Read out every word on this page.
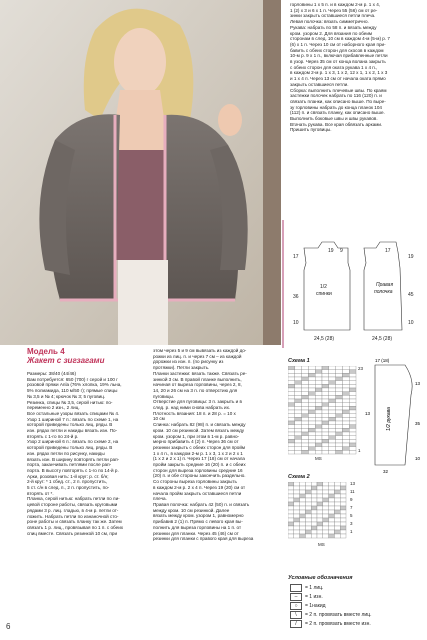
горловины 1 х 5 п. и в каждом 2-м р. 1 х 4,
1 (2) х 3 и 6 х 1 п. Через 55 (56) см от ре-
зинки закрыть оставшиеся петли плеча.
Левая полочка: вязать симметрично.
Рукава: набрать по 58 п. и вязать между
кром. узором 2. Для вязания по обеим
сторонам в след. 10 см в каждом 4-м (5-м) р. 7
(6) х 1 п. Через 10 см от наборного края при-
бавить с обеих сторон для скосов в каждом
10-м р. 9 х 1 п., включая прибавленные петли
в узор. Через 35 см от конца волана закрыть
с обеих сторон для оката рукава 1 х 4 п.,
в каждом 2-м р. 1 х 3, 1 х 2, 12 х 1, 1 х 2, 1 х 3
и 1 х 4 п. Через 13 см от начала оката прямо
закрыть оставшиеся петли.
Сборка: выполнить плечевые швы. По краям
застежки полочек набрать по 116 (120) п. и
связать планки, как описано выше. По выре-
зу горловины набрать до конца планок 104
(112) п. и связать планку, как описано выше.
Выполнить боковые швы и швы рукавов.
Втачать рукава. Все края обвязать арками.
Пришить пуговицы.
1/2
спинки
Правая
полочка
24,5 (28)	24,5 (28)
36
10
17
19 9	17
45
10
19
Модель 4
Жакет с зигзагами
Размеры: 38/40 (44/46)
Вам потребуется: 650 (700) г серой и 100 г
розовой пряжи Anla (76% хлопка, 19% льна,
5% полиамида, 110 м/50 г); прямые спицы
№ 3,5 и № 4; крючок № 3; 5 пуговиц.
Резинка, спицы № 3,5, серой нитью: по-
переменно 2 изн., 2 лиц.
Все остальные узоры вязать спицами № 4.
Узор 1 шириной 7 п.: вязать по схеме 1, на
которой приведены только лиц. ряды. В
изн. рядах петли и накиды вязать изн. По-
вторять с 1-го по 24-й р.
Узор 2 шириной 6 п.: вязать по схеме 2, на
которой приведены только лиц. ряды. В
изн. рядах петли по рисунку, накиды
вязать изн. В ширину повторять петли рап-
порта, заканчивать петлями после рап-
порта. В высоту повторять с 1-го по 14-й р.
Арки, розовая нить: 1-й круг: р. ст. б/н;
2-й круг: * 1 сбед. ст., 2 п. пропустить,
5 ст. с/н в след. п., 2 п. пропустить, по-
вторять от *.
Планка, серой нитью: набрать петли по ли-
цевой стороне работы, связать круговыми
рядами 3 р. лиц. гладью, в 4-м р. петли от-
ложить. Набрать петли по изнаночной сто-
роне работы и связать планку так же. Затем
связать 1 р. лиц., провязывая по 1 п. с обеих
спиц вместе. Связать резинкой 10 см, при
этом через 5 и 9 см вывязать из каждой до-
рожки из лиц. п. и через 7 см – из каждой
дорожки из изн. п. (по рисунку из
протяжки). Петли закрыть.
Планки застежки: вязать также. Связать ре-
зинкой 3 см. В правой планке выполнить,
начиная от выреза горловины, через 2, 8,
14, 20 и 26 см на 3 п. по отверстию для
пуговицы.
Отверстие для пуговицы: 3 п. закрыть и в
след. р. над ними снова набрать их.
Плотность вязания: 18 п. и 28 р. = 10 х
10 см
Спинка: набрать 82 (98) п. и связать между
кром. 10 см резинкой. Затем вязать между
кром. узором 1, при этом в 1-м р. равно-
мерно прибавить 4 (2) п. Через 36 см от
резинки закрыть с обеих сторон для пройм
1 х 4 п., в каждом 2-м р. 1 х 3, 1 х 2 и 2 х 1
(1 х 2 и 2 х 1) п. Через 17 (18) см от начала
пройм закрыть средние 16 (20) п. и с обеих
сторон для выреза горловины средние 16
(20) п. и обе стороны закончить раздельно.
Со стороны выреза горловины закрыть
в каждом 2-м р. 2 х 4 п. Через 19 (20) см от
начала пройм закрыть оставшиеся петли
плеча.
Правая полочка: набрать 42 (50) п. и связать
между кром. 10 см резинкой. Далее
вязать между кром. узором 1, равномерно
прибавив 2 (1) п. Прямо с левого края вы-
полнить для выреза горловины на 1 п. от
резинки для планки. Через 45 (46) см от
резинки для планки с правого края для выреза
Схема 1
23
1
MS
1/2 рукава
17 (18)
13
35
10
13
32
Схема 2
13
11
9
7
5
3
1
MS
Условные обозначения
= 1 лиц.
–	= 1 изн.
○	= 1накид
\	= 2 п. провязать вместе лиц.
/	= 2 п. провязать вместе изн.
6
